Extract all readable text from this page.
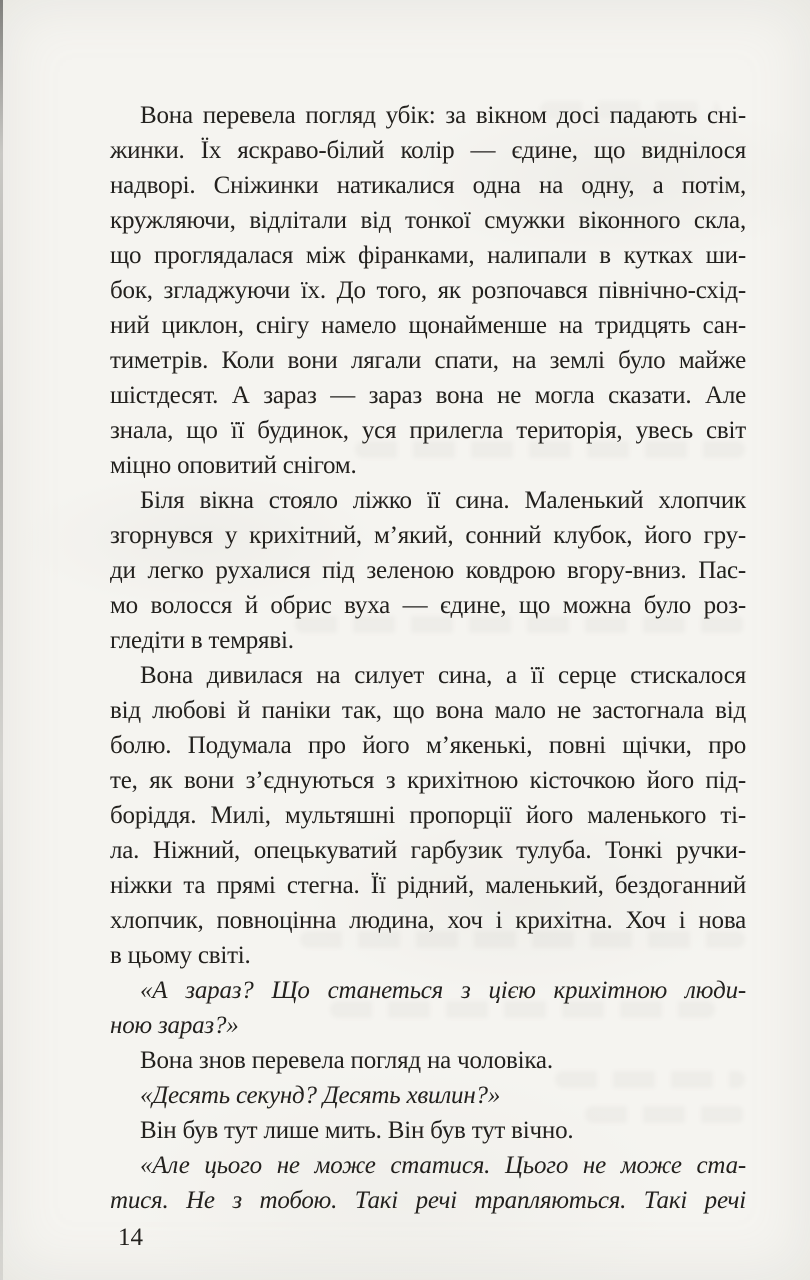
Вона перевела погляд убік: за вікном досі падають сні-
жинки. Їх яскраво-білий колір — єдине, що виднілося
надворі. Сніжинки натикалися одна на одну, а потім,
кружляючи, відлітали від тонкої смужки віконного скла,
що проглядалася між фіранками, налипали в кутках ши-
бок, згладжуючи їх. До того, як розпочався північно-схід-
ний циклон, снігу намело щонайменше на тридцять сан-
тиметрів. Коли вони лягали спати, на землі було майже
шістдесят. А зараз — зараз вона не могла сказати. Але
знала, що її будинок, уся прилегла територія, увесь світ
міцно оповитий снігом.
Біля вікна стояло ліжко її сина. Маленький хлопчик
згорнувся у крихітний, м’який, сонний клубок, його гру-
ди легко рухалися під зеленою ковдрою вгору-вниз. Пас-
мо волосся й обрис вуха — єдине, що можна було роз-
гледіти в темряві.
Вона дивилася на силует сина, а її серце стискалося
від любові й паніки так, що вона мало не застогнала від
болю. Подумала про його м’якенькі, повні щічки, про
те, як вони з’єднуються з крихітною кісточкою його під-
боріддя. Милі, мультяшні пропорції його маленького ті-
ла. Ніжний, опецькуватий гарбузик тулуба. Тонкі ручки-
ніжки та прямі стегна. Її рідний, маленький, бездоганний
хлопчик, повноцінна людина, хоч і крихітна. Хоч і нова
в цьому світі.
«А зараз? Що станеться з цією крихітною люди-
ною зараз?»
Вона знов перевела погляд на чоловіка.
«Десять секунд? Десять хвилин?»
Він був тут лише мить. Він був тут вічно.
«Але цього не може статися. Цього не може ста-
тися. Не з тобою. Такі речі трапляються. Такі речі
14
